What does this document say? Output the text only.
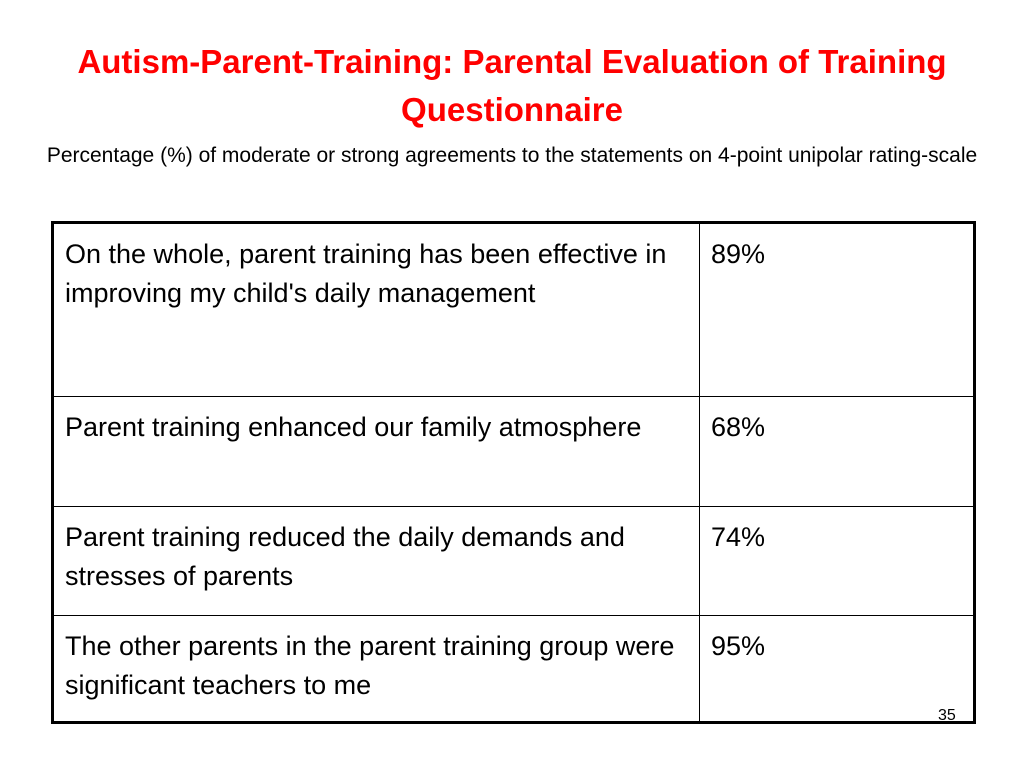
Autism-Parent-Training: Parental Evaluation of Training Questionnaire

Percentage (%) of moderate or strong agreements to the statements on 4-point unipolar rating-scale

On the whole, parent training has been effective in improving my child's daily management	89%
Parent training enhanced our family atmosphere	68%
Parent training reduced the daily demands and stresses of parents	74%
The other parents in the parent training group were significant teachers to me	95%
35
